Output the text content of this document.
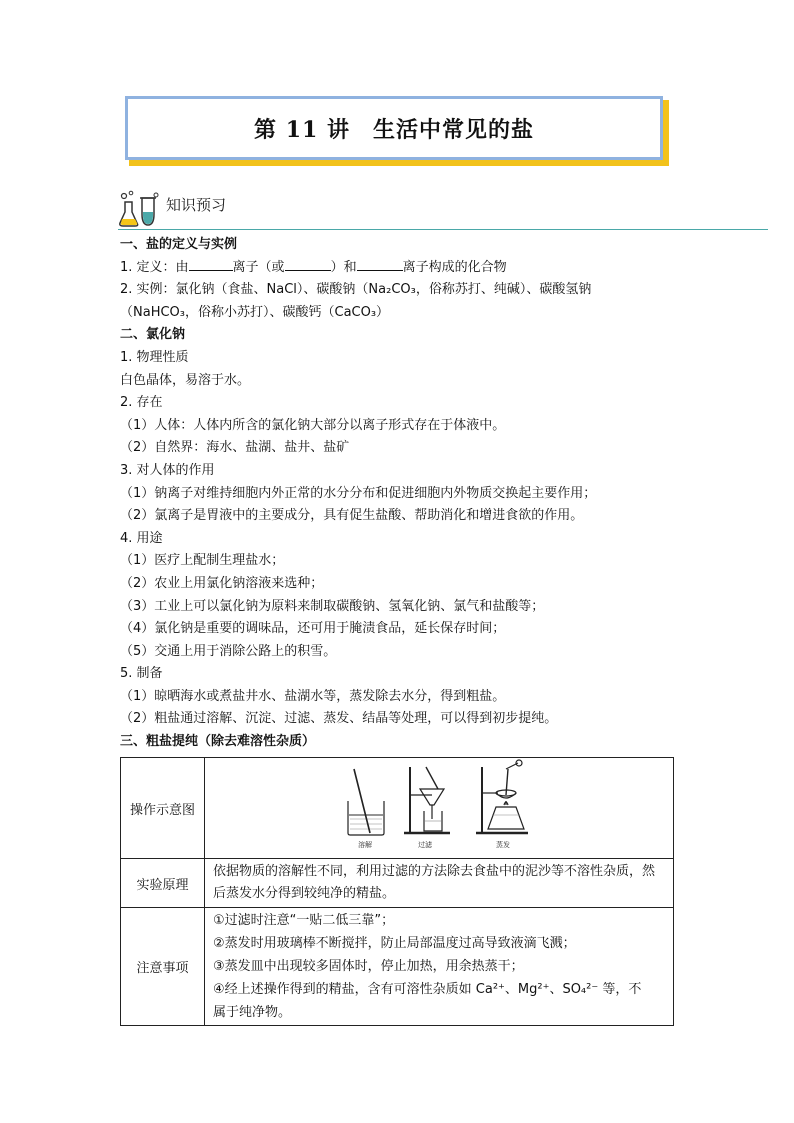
第 11 讲　生活中常见的盐
知识预习

一、盐的定义与实例

1. 定义：由	离子（或	）和	离子构成的化合物

2. 实例：氯化钠（食盐、NaCl）、碳酸钠（Na₂CO₃，俗称苏打、纯碱）、碳酸氢钠

（NaHCO₃，俗称小苏打）、碳酸钙（CaCO₃）

二、氯化钠

1. 物理性质

白色晶体，易溶于水。

2. 存在

（1）人体：人体内所含的氯化钠大部分以离子形式存在于体液中。

（2）自然界：海水、盐湖、盐井、盐矿

3. 对人体的作用

（1）钠离子对维持细胞内外正常的水分分布和促进细胞内外物质交换起主要作用；

（2）氯离子是胃液中的主要成分，具有促生盐酸、帮助消化和增进食欲的作用。

4. 用途

（1）医疗上配制生理盐水；

（2）农业上用氯化钠溶液来选种；

（3）工业上可以氯化钠为原料来制取碳酸钠、氢氧化钠、氯气和盐酸等；

（4）氯化钠是重要的调味品，还可用于腌渍食品，延长保存时间；

（5）交通上用于消除公路上的积雪。

5. 制备

（1）晾晒海水或煮盐井水、盐湖水等，蒸发除去水分，得到粗盐。

（2）粗盐通过溶解、沉淀、过滤、蒸发、结晶等处理，可以得到初步提纯。

三、粗盐提纯（除去难溶性杂质）

操作示意图	溶解 过滤 蒸发

实验原理	依据物质的溶解性不同，利用过滤的方法除去食盐中的泥沙等不溶性杂质，然后蒸发水分得到较纯净的精盐。
注意事项	①过滤时注意“一贴二低三靠”；
②蒸发时用玻璃棒不断搅拌，防止局部温度过高导致液滴飞溅；
③蒸发皿中出现较多固体时，停止加热，用余热蒸干；
④经上述操作得到的精盐，含有可溶性杂质如 Ca²⁺、Mg²⁺、SO₄²⁻ 等，不
属于纯净物。
